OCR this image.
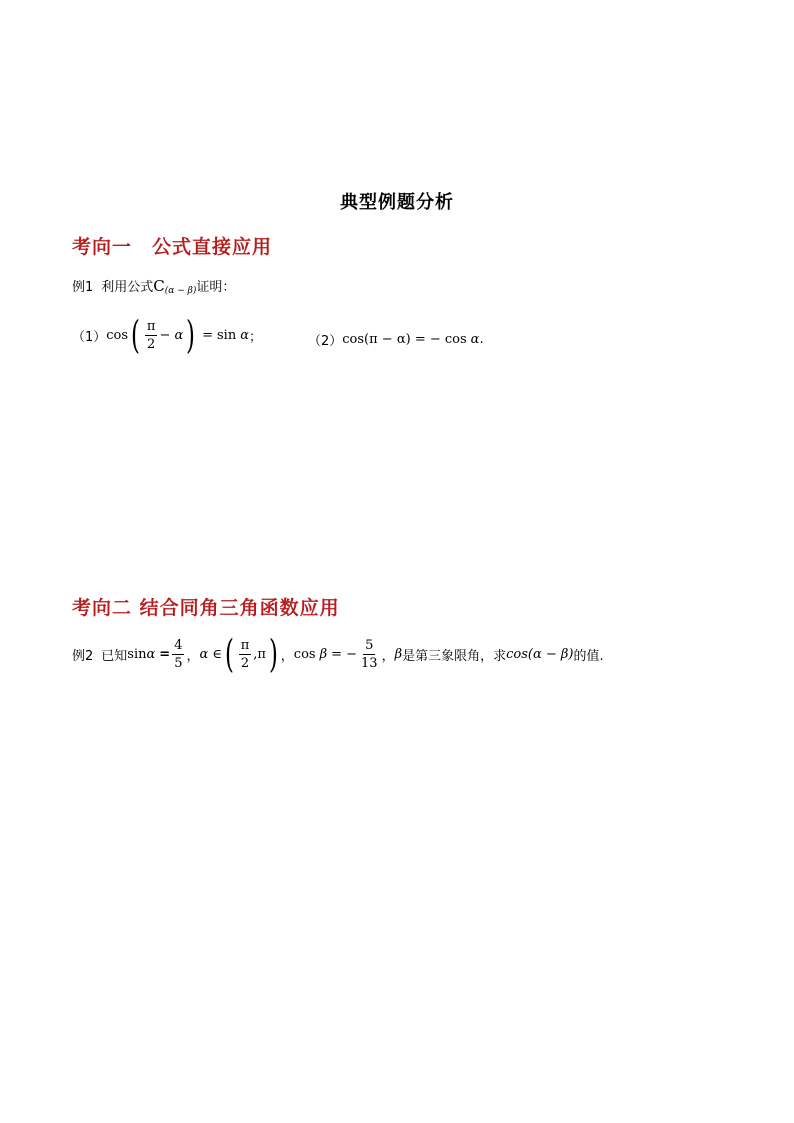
典型例题分析
考向一　公式直接应用
例1 利用公式 C (α − β) 证明：
（1） cos ( $\frac{\pi}{2} - \alpha$ ) = sin α ；	（2） cos(π − α) = − cos α .
考向二 结合同角三角函数应用
例2 已知 $\sin \alpha = \frac{4}{5}$ ， α ∈ ( $\frac{\pi}{2} ,\pi$ ) ， cos β = − $\frac{5}{13}$ ， β 是第三象限角，求 cos(α − β) 的值.
